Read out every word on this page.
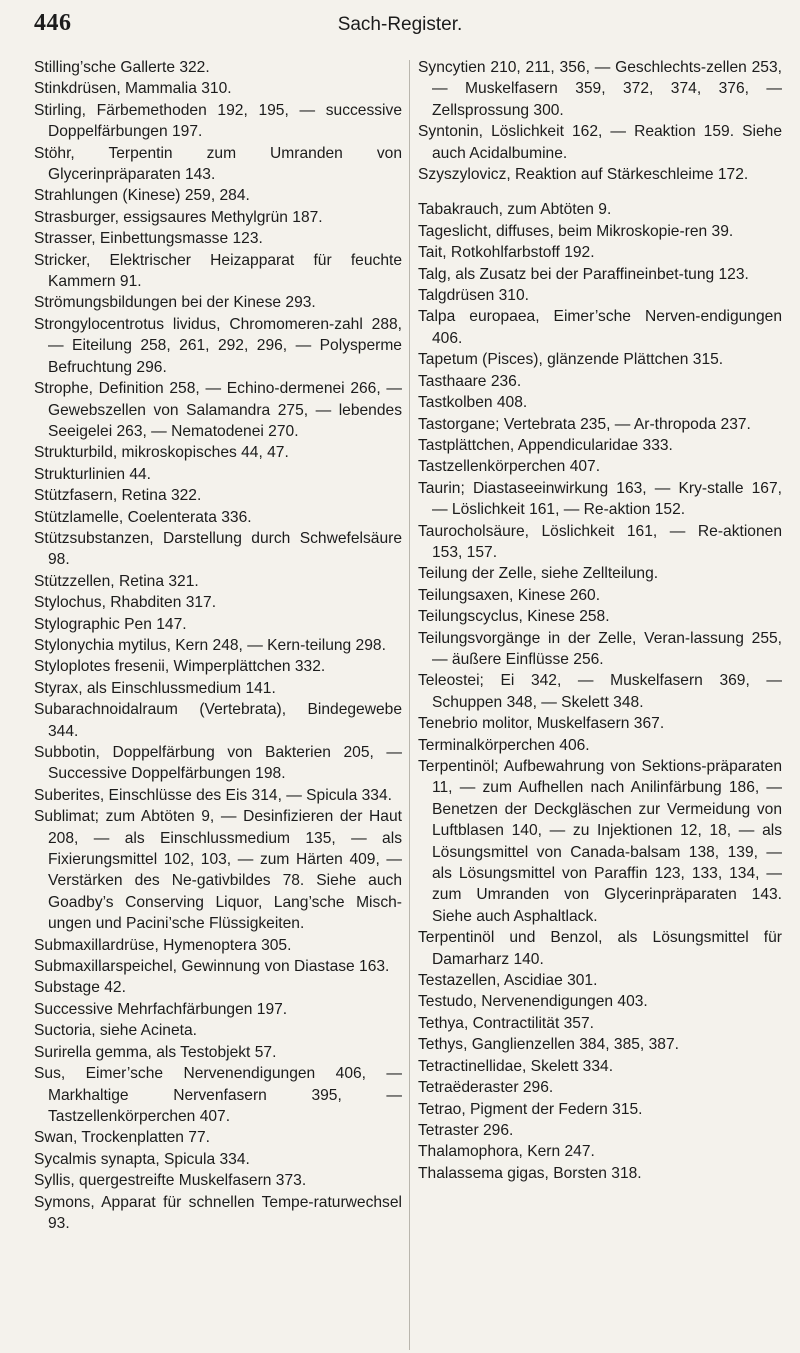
446	Sach-Register.
Stilling’sche Gallerte 322.
Stinkdrüsen, Mammalia 310.
Stirling, Färbemethoden 192, 195, — successive Doppelfärbungen 197.
Stöhr, Terpentin zum Umranden von Glycerinpräparaten 143.
Strahlungen (Kinese) 259, 284.
Strasburger, essigsaures Methylgrün 187.
Strasser, Einbettungsmasse 123.
Stricker, Elektrischer Heizapparat für feuchte Kammern 91.
Strömungsbildungen bei der Kinese 293.
Strongylocentrotus lividus, Chromomeren-zahl 288, — Eiteilung 258, 261, 292, 296, — Polysperme Befruchtung 296.
Strophe, Definition 258, — Echino-dermenei 266, — Gewebszellen von Salamandra 275, — lebendes Seeigelei 263, — Nematodenei 270.
Strukturbild, mikroskopisches 44, 47.
Strukturlinien 44.
Stützfasern, Retina 322.
Stützlamelle, Coelenterata 336.
Stützsubstanzen, Darstellung durch Schwefelsäure 98.
Stützzellen, Retina 321.
Stylochus, Rhabditen 317.
Stylographic Pen 147.
Stylonychia mytilus, Kern 248, — Kern-teilung 298.
Styloplotes fresenii, Wimperplättchen 332.
Styrax, als Einschlussmedium 141.
Subarachnoidalraum (Vertebrata), Bindegewebe 344.
Subbotin, Doppelfärbung von Bakterien 205, — Successive Doppelfärbungen 198.
Suberites, Einschlüsse des Eis 314, — Spicula 334.
Sublimat; zum Abtöten 9, — Desinfizieren der Haut 208, — als Einschlussmedium 135, — als Fixierungsmittel 102, 103, — zum Härten 409, — Verstärken des Ne-gativbildes 78. Siehe auch Goadby’s Conserving Liquor, Lang’sche Misch-ungen und Pacini’sche Flüssigkeiten.
Submaxillardrüse, Hymenoptera 305.
Submaxillarspeichel, Gewinnung von Diastase 163.
Substage 42.
Successive Mehrfachfärbungen 197.
Suctoria, siehe Acineta.
Surirella gemma, als Testobjekt 57.
Sus, Eimer’sche Nervenendigungen 406, — Markhaltige Nervenfasern 395, — Tastzellenkörperchen 407.
Swan, Trockenplatten 77.
Sycalmis synapta, Spicula 334.
Syllis, quergestreifte Muskelfasern 373.
Symons, Apparat für schnellen Tempe-raturwechsel 93.
Syncytien 210, 211, 356, — Geschlechts-zellen 253, — Muskelfasern 359, 372, 374, 376, — Zellsprossung 300.
Syntonin, Löslichkeit 162, — Reaktion 159. Siehe auch Acidalbumine.
Szyszylovicz, Reaktion auf Stärkeschleime 172.
Tabakrauch, zum Abtöten 9.
Tageslicht, diffuses, beim Mikroskopie-ren 39.
Tait, Rotkohlfarbstoff 192.
Talg, als Zusatz bei der Paraffineinbet-tung 123.
Talgdrüsen 310.
Talpa europaea, Eimer’sche Nerven-endigungen 406.
Tapetum (Pisces), glänzende Plättchen 315.
Tasthaare 236.
Tastkolben 408.
Tastorgane; Vertebrata 235, — Ar-thropoda 237.
Tastplättchen, Appendicularidae 333.
Tastzellenkörperchen 407.
Taurin; Diastaseeinwirkung 163, — Kry-stalle 167, — Löslichkeit 161, — Re-aktion 152.
Taurocholsäure, Löslichkeit 161, — Re-aktionen 153, 157.
Teilung der Zelle, siehe Zellteilung.
Teilungsaxen, Kinese 260.
Teilungscyclus, Kinese 258.
Teilungsvorgänge in der Zelle, Veran-lassung 255, — äußere Einflüsse 256.
Teleostei; Ei 342, — Muskelfasern 369, — Schuppen 348, — Skelett 348.
Tenebrio molitor, Muskelfasern 367.
Terminalkörperchen 406.
Terpentinöl; Aufbewahrung von Sektions-präparaten 11, — zum Aufhellen nach Anilinfärbung 186, — Benetzen der Deckgläschen zur Vermeidung von Luftblasen 140, — zu Injektionen 12, 18, — als Lösungsmittel von Canada-balsam 138, 139, — als Lösungsmittel von Paraffin 123, 133, 134, — zum Umranden von Glycerinpräparaten 143. Siehe auch Asphaltlack.
Terpentinöl und Benzol, als Lösungsmittel für Damarharz 140.
Testazellen, Ascidiae 301.
Testudo, Nervenendigungen 403.
Tethya, Contractilität 357.
Tethys, Ganglienzellen 384, 385, 387.
Tetractinellidae, Skelett 334.
Tetraëderaster 296.
Tetrao, Pigment der Federn 315.
Tetraster 296.
Thalamophora, Kern 247.
Thalassema gigas, Borsten 318.
